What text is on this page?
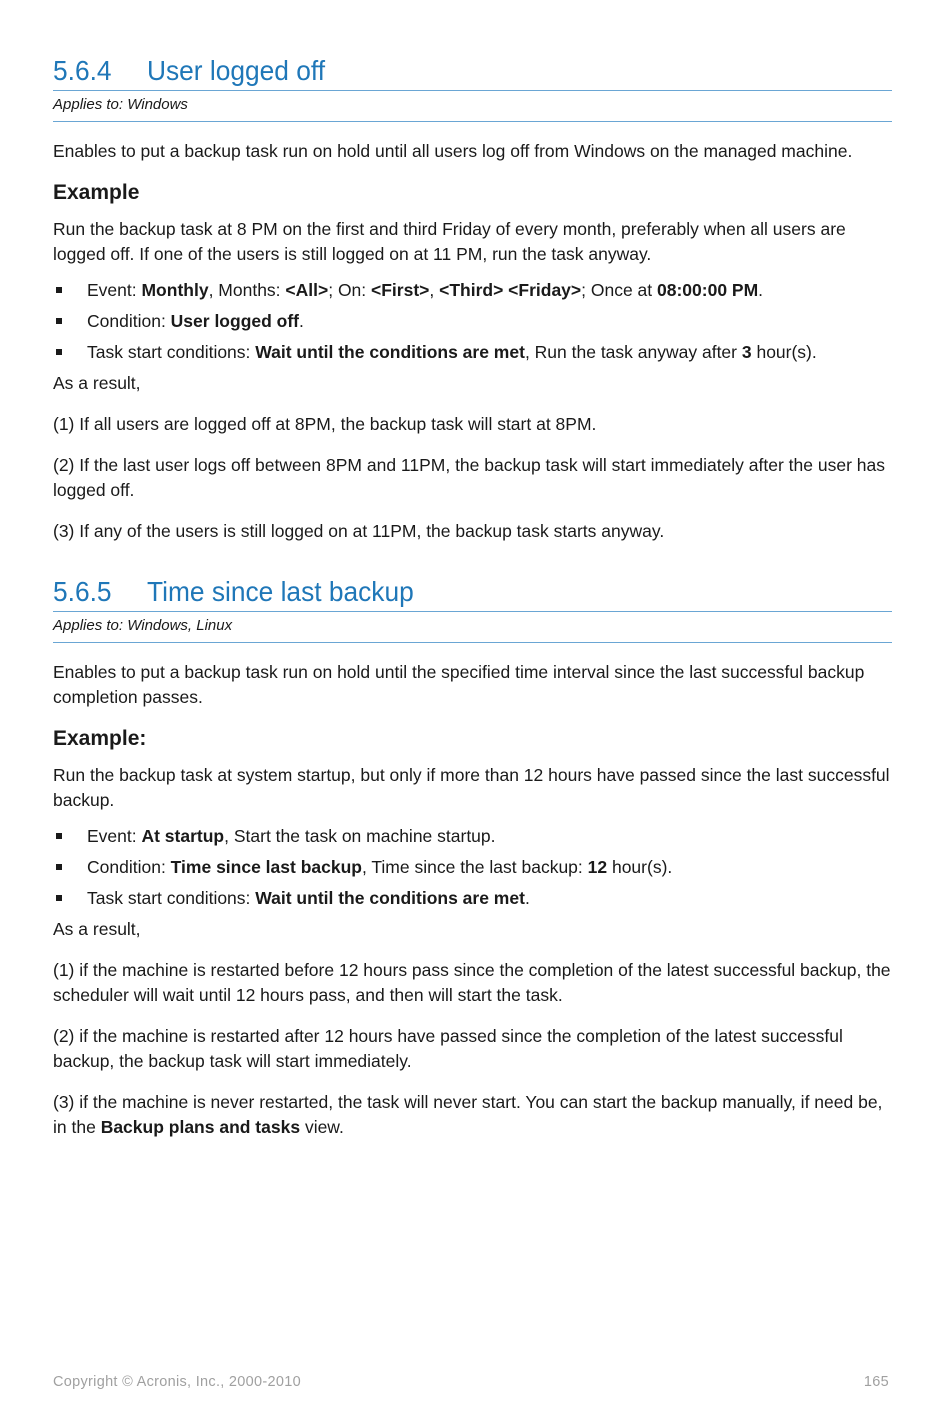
5.6.4 User logged off
Applies to: Windows

Enables to put a backup task run on hold until all users log off from Windows on the managed machine.

Example

Run the backup task at 8 PM on the first and third Friday of every month, preferably when all users are logged off. If one of the users is still logged on at 11 PM, run the task anyway.

Event: Monthly, Months: <All>; On: <First>, <Third> <Friday>; Once at 08:00:00 PM.
Condition: User logged off.
Task start conditions: Wait until the conditions are met, Run the task anyway after 3 hour(s).

As a result,

(1) If all users are logged off at 8PM, the backup task will start at 8PM.

(2) If the last user logs off between 8PM and 11PM, the backup task will start immediately after the user has logged off.

(3) If any of the users is still logged on at 11PM, the backup task starts anyway.

5.6.5 Time since last backup
Applies to: Windows, Linux

Enables to put a backup task run on hold until the specified time interval since the last successful backup completion passes.

Example:

Run the backup task at system startup, but only if more than 12 hours have passed since the last successful backup.

Event: At startup, Start the task on machine startup.
Condition: Time since last backup, Time since the last backup: 12 hour(s).
Task start conditions: Wait until the conditions are met.

As a result,

(1) if the machine is restarted before 12 hours pass since the completion of the latest successful backup, the scheduler will wait until 12 hours pass, and then will start the task.

(2) if the machine is restarted after 12 hours have passed since the completion of the latest successful backup, the backup task will start immediately.

(3) if the machine is never restarted, the task will never start. You can start the backup manually, if need be, in the Backup plans and tasks view.

Copyright © Acronis, Inc., 2000-2010	165
